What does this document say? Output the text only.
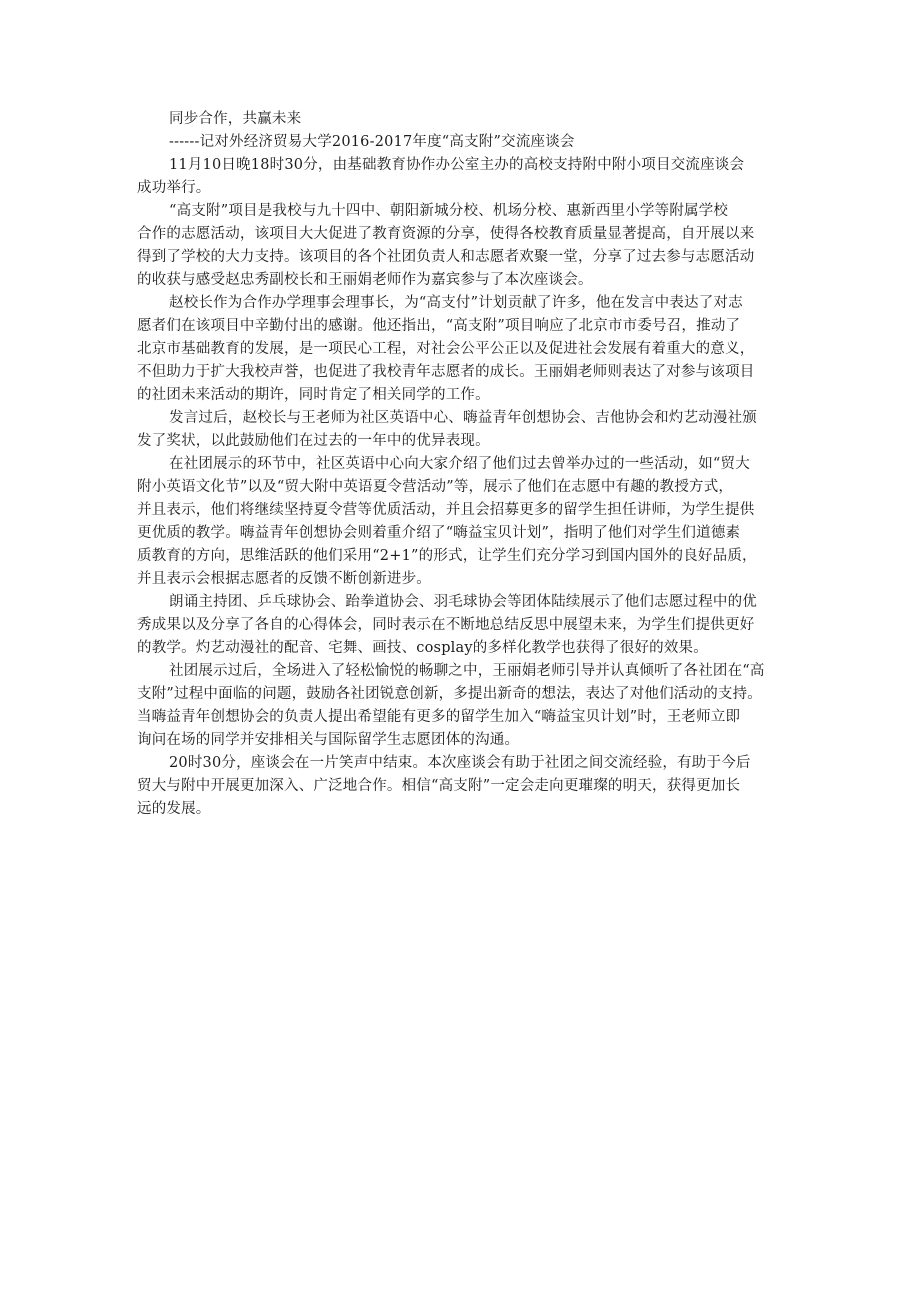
同步合作，共赢未来
------记对外经济贸易大学2016-2017年度“高支附”交流座谈会
11月10日晚18时30分，由基础教育协作办公室主办的高校支持附中附小项目交流座谈会
成功举行。
“高支附”项目是我校与九十四中、朝阳新城分校、机场分校、惠新西里小学等附属学校
合作的志愿活动，该项目大大促进了教育资源的分享，使得各校教育质量显著提高，自开展以来
得到了学校的大力支持。该项目的各个社团负责人和志愿者欢聚一堂，分享了过去参与志愿活动
的收获与感受赵忠秀副校长和王丽娟老师作为嘉宾参与了本次座谈会。
赵校长作为合作办学理事会理事长，为“高支付”计划贡献了许多，他在发言中表达了对志
愿者们在该项目中辛勤付出的感谢。他还指出，“高支附”项目响应了北京市市委号召，推动了
北京市基础教育的发展，是一项民心工程，对社会公平公正以及促进社会发展有着重大的意义，
不但助力于扩大我校声誉，也促进了我校青年志愿者的成长。王丽娟老师则表达了对参与该项目
的社团未来活动的期许，同时肯定了相关同学的工作。
发言过后，赵校长与王老师为社区英语中心、嗨益青年创想协会、吉他协会和灼艺动漫社颁
发了奖状，以此鼓励他们在过去的一年中的优异表现。
在社团展示的环节中，社区英语中心向大家介绍了他们过去曾举办过的一些活动，如“贸大
附小英语文化节”以及“贸大附中英语夏令营活动”等，展示了他们在志愿中有趣的教授方式，
并且表示，他们将继续坚持夏令营等优质活动，并且会招募更多的留学生担任讲师，为学生提供
更优质的教学。嗨益青年创想协会则着重介绍了“嗨益宝贝计划”，指明了他们对学生们道德素
质教育的方向，思维活跃的他们采用“2+1”的形式，让学生们充分学习到国内国外的良好品质，
并且表示会根据志愿者的反馈不断创新进步。
朗诵主持团、乒乓球协会、跆拳道协会、羽毛球协会等团体陆续展示了他们志愿过程中的优
秀成果以及分享了各自的心得体会，同时表示在不断地总结反思中展望未来，为学生们提供更好
的教学。灼艺动漫社的配音、宅舞、画技、cosplay的多样化教学也获得了很好的效果。
社团展示过后，全场进入了轻松愉悦的畅聊之中，王丽娟老师引导并认真倾听了各社团在“高
支附”过程中面临的问题，鼓励各社团锐意创新，多提出新奇的想法，表达了对他们活动的支持。
当嗨益青年创想协会的负责人提出希望能有更多的留学生加入“嗨益宝贝计划”时，王老师立即
询问在场的同学并安排相关与国际留学生志愿团体的沟通。
20时30分，座谈会在一片笑声中结束。本次座谈会有助于社团之间交流经验，有助于今后
贸大与附中开展更加深入、广泛地合作。相信“高支附”一定会走向更璀璨的明天，获得更加长
远的发展。
